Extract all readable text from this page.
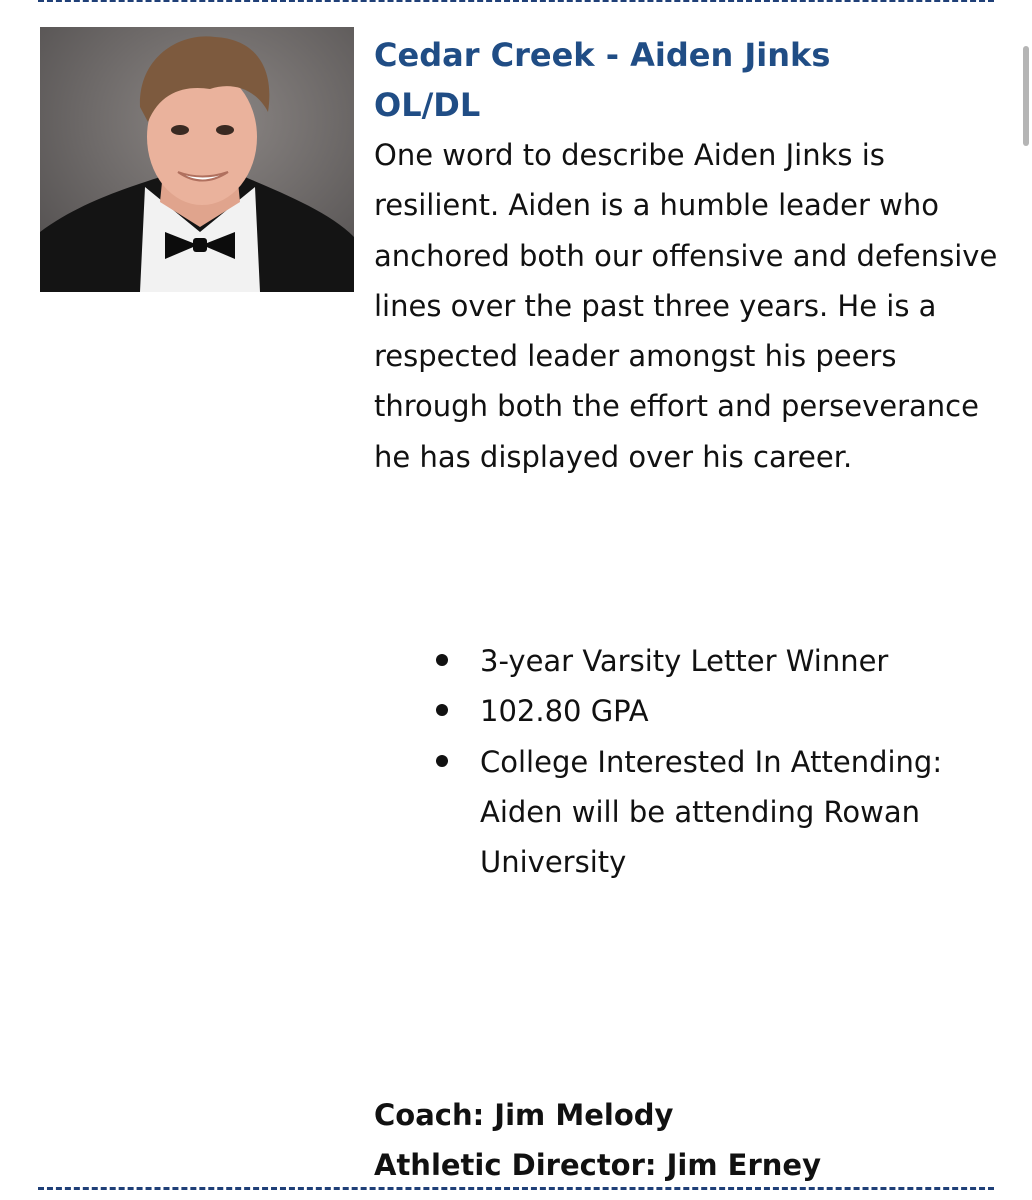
Cedar Creek - Aiden Jinks
OL/DL

One word to describe Aiden Jinks is resilient. Aiden is a humble leader who anchored both our offensive and defensive lines over the past three years. He is a respected leader amongst his peers through both the effort and perseverance he has displayed over his career.

3-year Varsity Letter Winner
102.80 GPA
College Interested In Attending: Aiden will be attending Rowan University

Coach: Jim Melody

Athletic Director: Jim Erney
